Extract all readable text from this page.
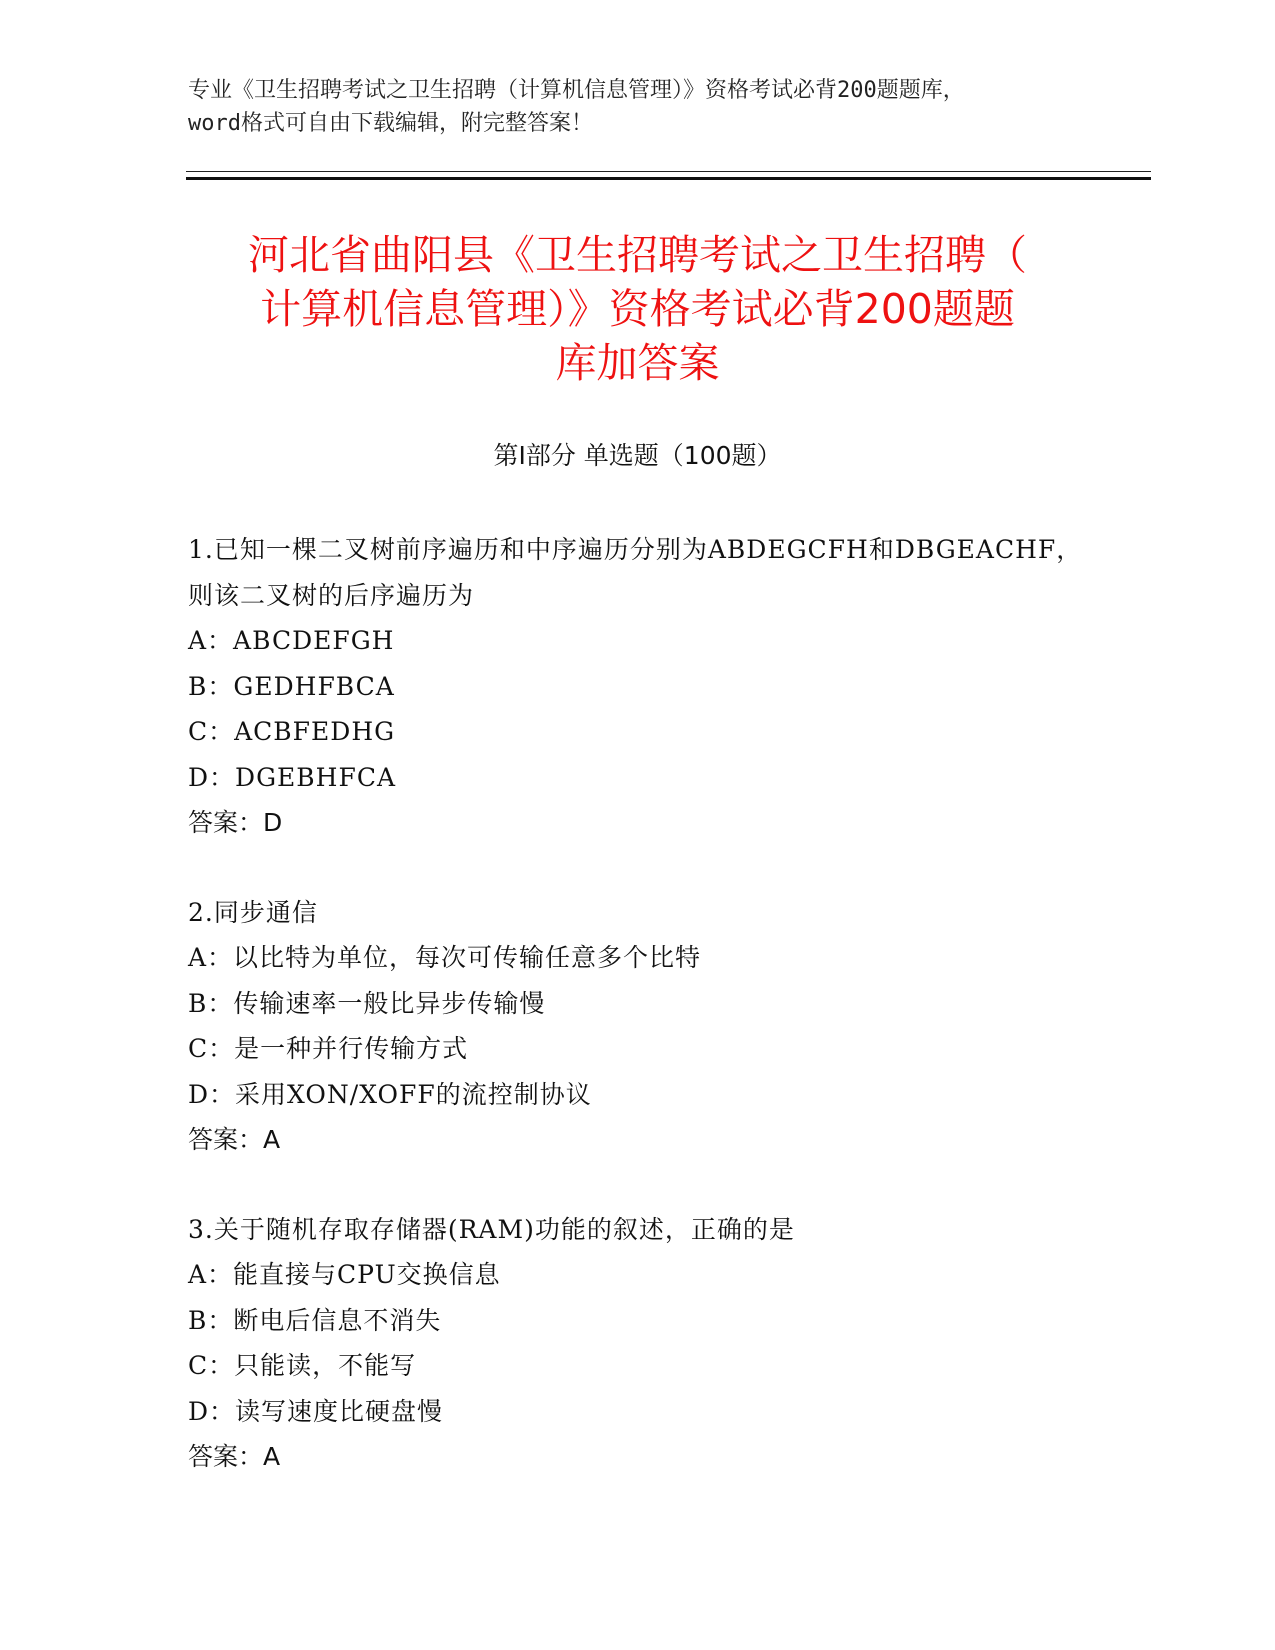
专业《卫生招聘考试之卫生招聘（计算机信息管理）》资格考试必背200题题库，
word格式可自由下载编辑，附完整答案！
河北省曲阳县《卫生招聘考试之卫生招聘（
计算机信息管理）》资格考试必背200题题
库加答案
第I部分 单选题（100题）
1.已知一棵二叉树前序遍历和中序遍历分别为ABDEGCFH和DBGEACHF，
则该二叉树的后序遍历为
A：ABCDEFGH
B：GEDHFBCA
C：ACBFEDHG
D：DGEBHFCA
答案：D
2.同步通信
A：以比特为单位，每次可传输任意多个比特
B：传输速率一般比异步传输慢
C：是一种并行传输方式
D：采用XON/XOFF的流控制协议
答案：A
3.关于随机存取存储器(RAM)功能的叙述，正确的是
A：能直接与CPU交换信息
B：断电后信息不消失
C：只能读，不能写
D：读写速度比硬盘慢
答案：A
